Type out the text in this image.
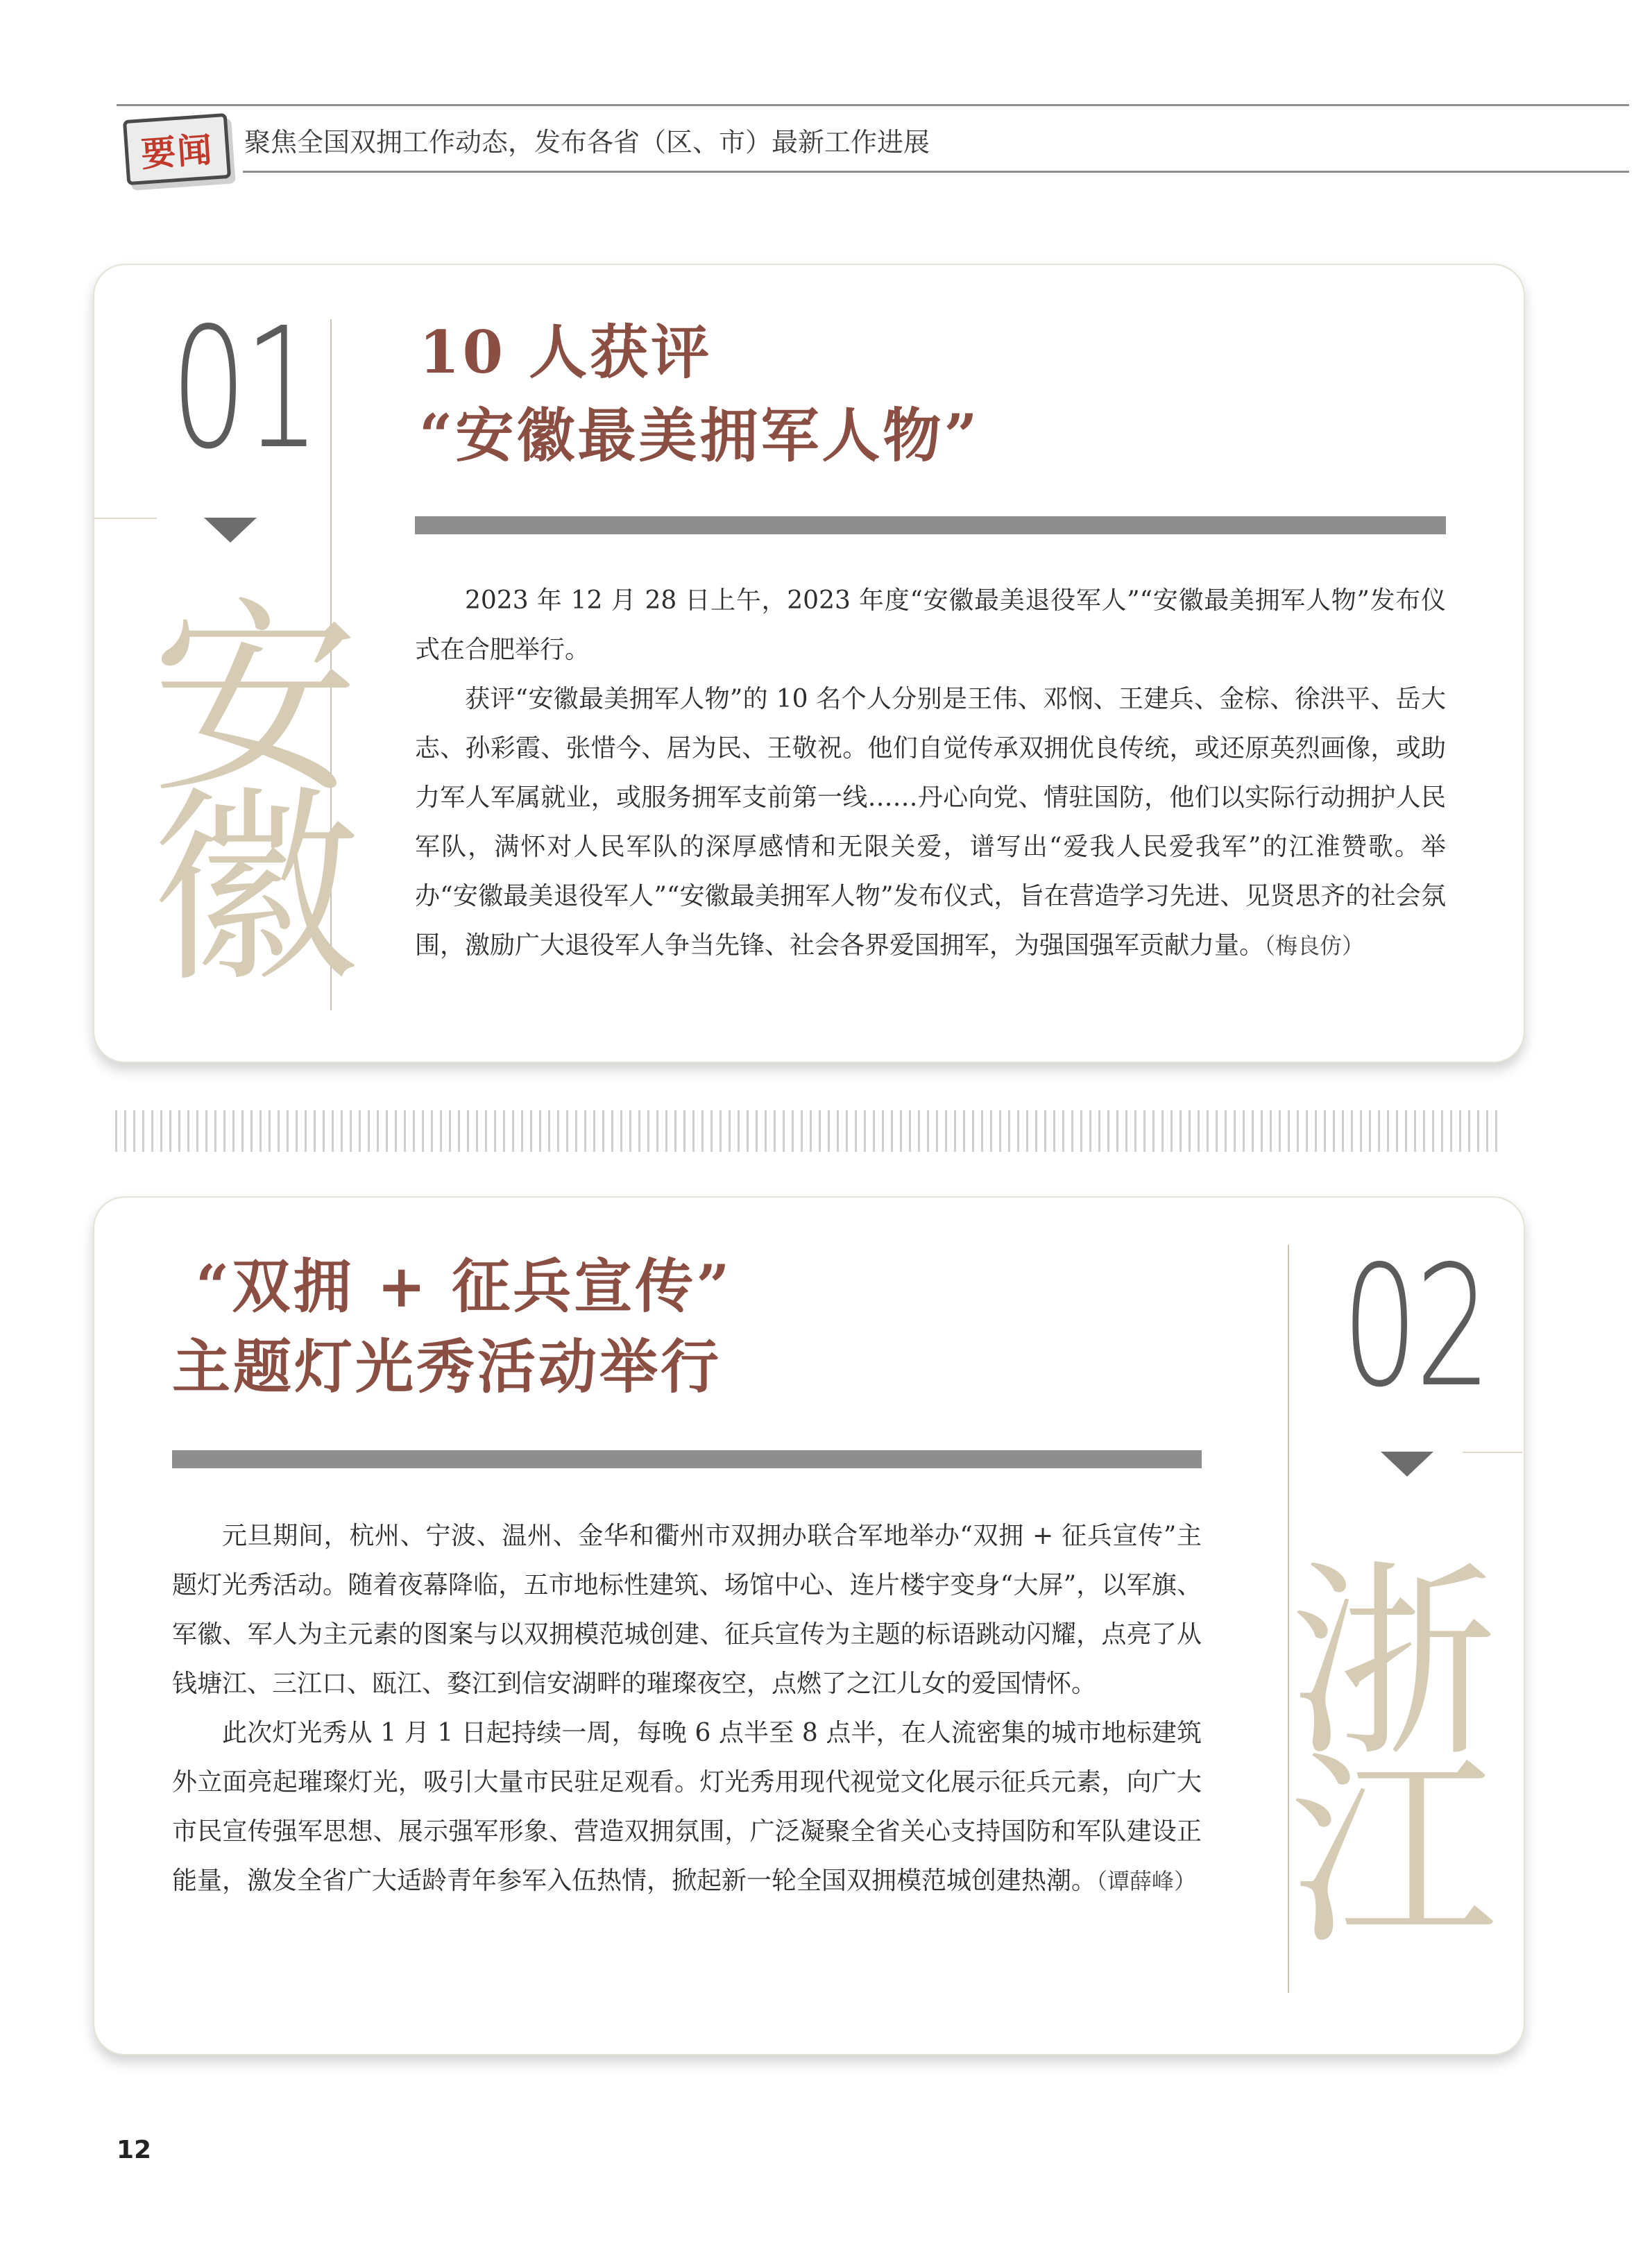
要闻 聚焦全国双拥工作动态，发布各省（区、市）最新工作进展
01
安
徽
10 人获评
“安徽最美拥军人物”

2023 年 12 月 28 日上午，2023 年度“安徽最美退役军人”“安徽最美拥军人物”发布仪式在合肥举行。

获评“安徽最美拥军人物”的 10 名个人分别是王伟、邓悯、王建兵、金棕、徐洪平、岳大志、孙彩霞、张惜今、居为民、王敬祝。他们自觉传承双拥优良传统，或还原英烈画像，或助力军人军属就业，或服务拥军支前第一线……丹心向党、情驻国防，他们以实际行动拥护人民军队，满怀对人民军队的深厚感情和无限关爱，谱写出“爱我人民爱我军”的江淮赞歌。举办“安徽最美退役军人”“安徽最美拥军人物”发布仪式，旨在营造学习先进、见贤思齐的社会氛围，激励广大退役军人争当先锋、社会各界爱国拥军，为强国强军贡献力量。（梅良仿）

02
浙
江
“双拥 + 征兵宣传”
主题灯光秀活动举行

元旦期间，杭州、宁波、温州、金华和衢州市双拥办联合军地举办“双拥 + 征兵宣传”主题灯光秀活动。随着夜幕降临，五市地标性建筑、场馆中心、连片楼宇变身“大屏”，以军旗、军徽、军人为主元素的图案与以双拥模范城创建、征兵宣传为主题的标语跳动闪耀，点亮了从钱塘江、三江口、瓯江、婺江到信安湖畔的璀璨夜空，点燃了之江儿女的爱国情怀。

此次灯光秀从 1 月 1 日起持续一周，每晚 6 点半至 8 点半，在人流密集的城市地标建筑外立面亮起璀璨灯光，吸引大量市民驻足观看。灯光秀用现代视觉文化展示征兵元素，向广大市民宣传强军思想、展示强军形象、营造双拥氛围，广泛凝聚全省关心支持国防和军队建设正能量，激发全省广大适龄青年参军入伍热情，掀起新一轮全国双拥模范城创建热潮。（谭薛峰）

12
